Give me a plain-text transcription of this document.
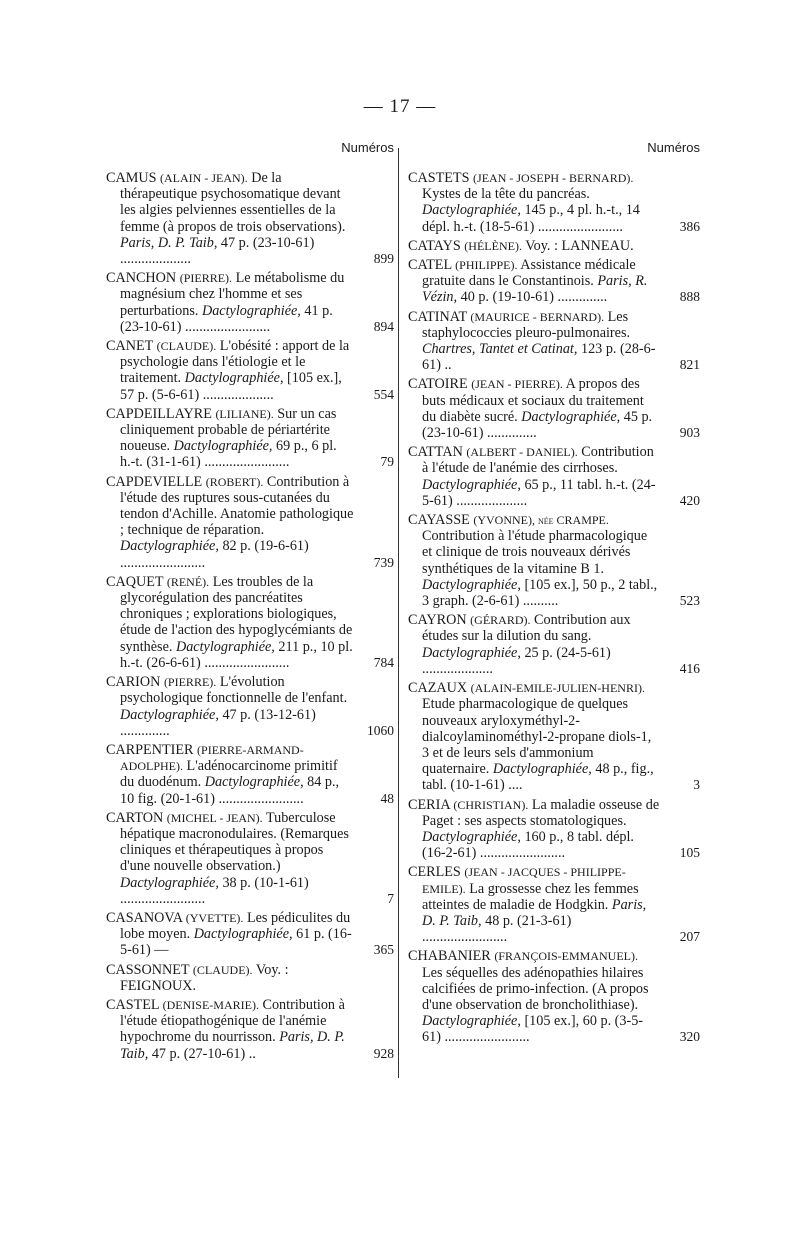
— 17 —
Numéros

CAMUS (ALAIN - JEAN). De la thérapeutique psychosomatique devant les algies pelviennes essentielles de la femme (à propos de trois observations). Paris, D. P. Taib, 47 p. (23-10-61) ....................	899

CANCHON (PIERRE). Le métabolisme du magnésium chez l'homme et ses perturbations. Dactylographiée, 41 p. (23-10-61) ........................	894

CANET (CLAUDE). L'obésité : apport de la psychologie dans l'étiologie et le traitement. Dactylographiée, [105 ex.], 57 p. (5-6-61) ....................	554

CAPDEILLAYRE (LILIANE). Sur un cas cliniquement probable de périartérite noueuse. Dactylographiée, 69 p., 6 pl. h.-t. (31-1-61) ........................	79

CAPDEVIELLE (ROBERT). Contribution à l'étude des ruptures sous-cutanées du tendon d'Achille. Anatomie pathologique ; technique de réparation. Dactylographiée, 82 p. (19-6-61) ........................	739

CAQUET (RENÉ). Les troubles de la glycorégulation des pancréatites chroniques ; explorations biologiques, étude de l'action des hypoglycémiants de synthèse. Dactylographiée, 211 p., 10 pl. h.-t. (26-6-61) ........................	784

CARION (PIERRE). L'évolution psychologique fonctionnelle de l'enfant. Dactylographiée, 47 p. (13-12-61) ..............	1060

CARPENTIER (PIERRE-ARMAND-ADOLPHE). L'adénocarcinome primitif du duodénum. Dactylographiée, 84 p., 10 fig. (20-1-61) ........................	48

CARTON (MICHEL - JEAN). Tuberculose hépatique macronodulaires. (Remarques cliniques et thérapeutiques à propos d'une nouvelle observation.) Dactylographiée, 38 p. (10-1-61) ........................	7

CASANOVA (YVETTE). Les pédiculites du lobe moyen. Dactylographiée, 61 p. (16-5-61) —	365

CASSONNET (CLAUDE). Voy. : FEIGNOUX.

CASTEL (DENISE-MARIE). Contribution à l'étude étiopathogénique de l'anémie hypochrome du nourrisson. Paris, D. P. Taib, 47 p. (27-10-61) ..	928

Numéros

CASTETS (JEAN - JOSEPH - BERNARD). Kystes de la tête du pancréas. Dactylographiée, 145 p., 4 pl. h.-t., 14 dépl. h.-t. (18-5-61) ........................	386

CATAYS (HÉLÈNE). Voy. : LANNEAU.

CATEL (PHILIPPE). Assistance médicale gratuite dans le Constantinois. Paris, R. Vézin, 40 p. (19-10-61) ..............	888

CATINAT (MAURICE - BERNARD). Les staphylococcies pleuro-pulmonaires. Chartres, Tantet et Catinat, 123 p. (28-6-61) ..	821

CATOIRE (JEAN - PIERRE). A propos des buts médicaux et sociaux du traitement du diabète sucré. Dactylographiée, 45 p. (23-10-61) ..............	903

CATTAN (ALBERT - DANIEL). Contribution à l'étude de l'anémie des cirrhoses. Dactylographiée, 65 p., 11 tabl. h.-t. (24-5-61) ....................	420

CAYASSE (YVONNE), née CRAMPE. Contribution à l'étude pharmacologique et clinique de trois nouveaux dérivés synthétiques de la vitamine B 1. Dactylographiée, [105 ex.], 50 p., 2 tabl., 3 graph. (2-6-61) ..........	523

CAYRON (GÉRARD). Contribution aux études sur la dilution du sang. Dactylographiée, 25 p. (24-5-61) ....................	416

CAZAUX (ALAIN-EMILE-JULIEN-HENRI). Etude pharmacologique de quelques nouveaux aryloxyméthyl-2-dialcoylaminométhyl-2-propane diols-1, 3 et de leurs sels d'ammonium quaternaire. Dactylographiée, 48 p., fig., tabl. (10-1-61) ....	3

CERIA (CHRISTIAN). La maladie osseuse de Paget : ses aspects stomatologiques. Dactylographiée, 160 p., 8 tabl. dépl. (16-2-61) ........................	105

CERLES (JEAN - JACQUES - PHILIPPE-EMILE). La grossesse chez les femmes atteintes de maladie de Hodgkin. Paris, D. P. Taib, 48 p. (21-3-61) ........................	207

CHABANIER (FRANÇOIS-EMMANUEL). Les séquelles des adénopathies hilaires calcifiées de primo-infection. (A propos d'une observation de broncholithiase). Dactylographiée, [105 ex.], 60 p. (3-5-61) ........................	320
